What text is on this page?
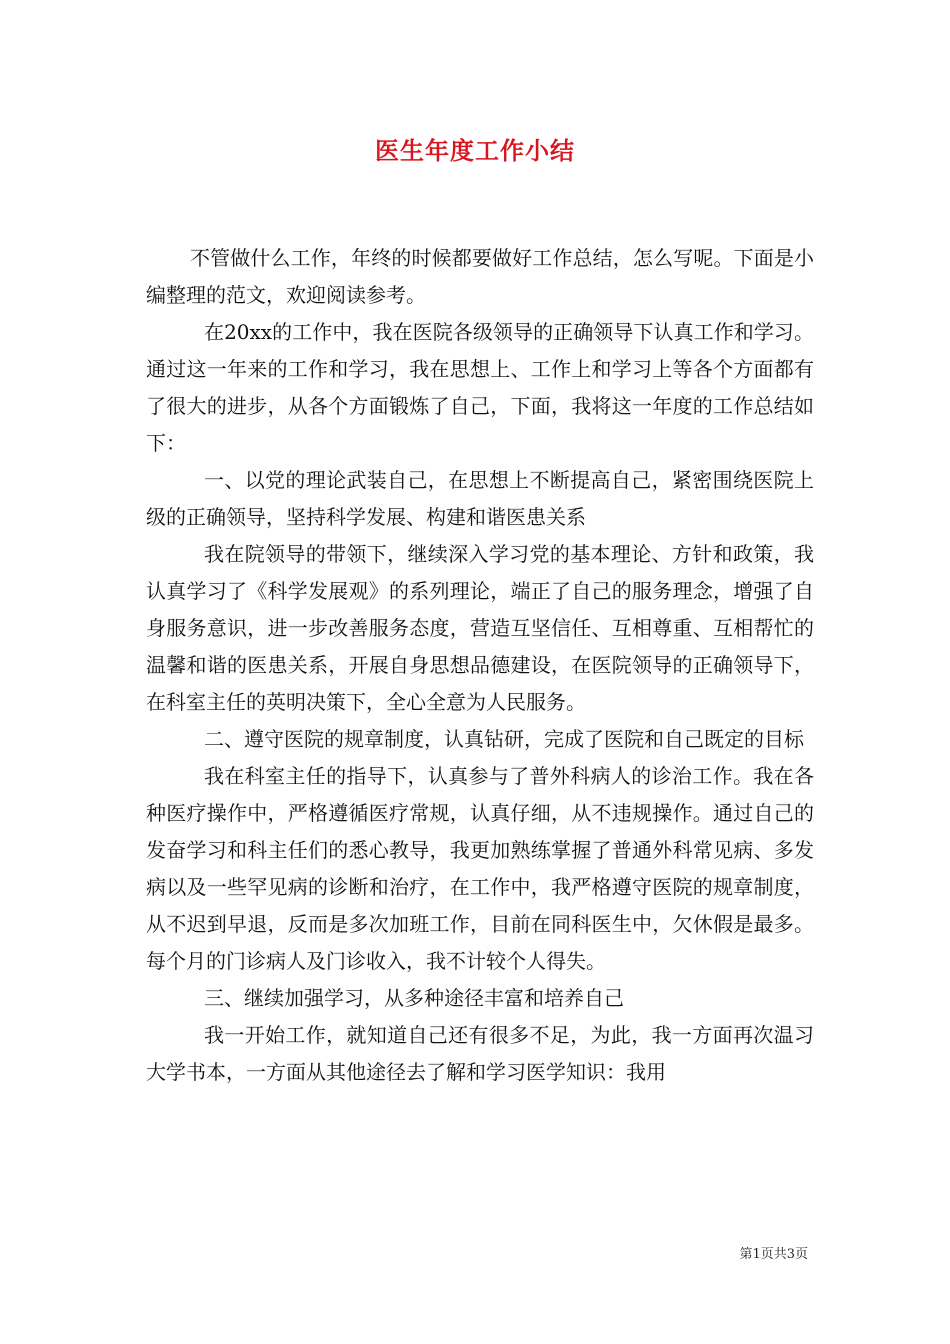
医生年度工作小结

不管做什么工作，年终的时候都要做好工作总结，怎么写呢。下面是小编整理的范文，欢迎阅读参考。

在20xx的工作中，我在医院各级领导的正确领导下认真工作和学习。通过这一年来的工作和学习，我在思想上、工作上和学习上等各个方面都有了很大的进步，从各个方面锻炼了自己，下面，我将这一年度的工作总结如下：

一、以党的理论武装自己，在思想上不断提高自己，紧密围绕医院上级的正确领导，坚持科学发展、构建和谐医患关系

我在院领导的带领下，继续深入学习党的基本理论、方针和政策，我认真学习了《科学发展观》的系列理论，端正了自己的服务理念，增强了自身服务意识，进一步改善服务态度，营造互坚信任、互相尊重、互相帮忙的温馨和谐的医患关系，开展自身思想品德建设，在医院领导的正确领导下，在科室主任的英明决策下，全心全意为人民服务。

二、遵守医院的规章制度，认真钻研，完成了医院和自己既定的目标

我在科室主任的指导下，认真参与了普外科病人的诊治工作。我在各种医疗操作中，严格遵循医疗常规，认真仔细，从不违规操作。通过自己的发奋学习和科主任们的悉心教导，我更加熟练掌握了普通外科常见病、多发病以及一些罕见病的诊断和治疗，在工作中，我严格遵守医院的规章制度，从不迟到早退，反而是多次加班工作，目前在同科医生中，欠休假是最多。每个月的门诊病人及门诊收入，我不计较个人得失。

三、继续加强学习，从多种途径丰富和培养自己

我一开始工作，就知道自己还有很多不足，为此，我一方面再次温习大学书本，一方面从其他途径去了解和学习医学知识：我用

第1页共3页
